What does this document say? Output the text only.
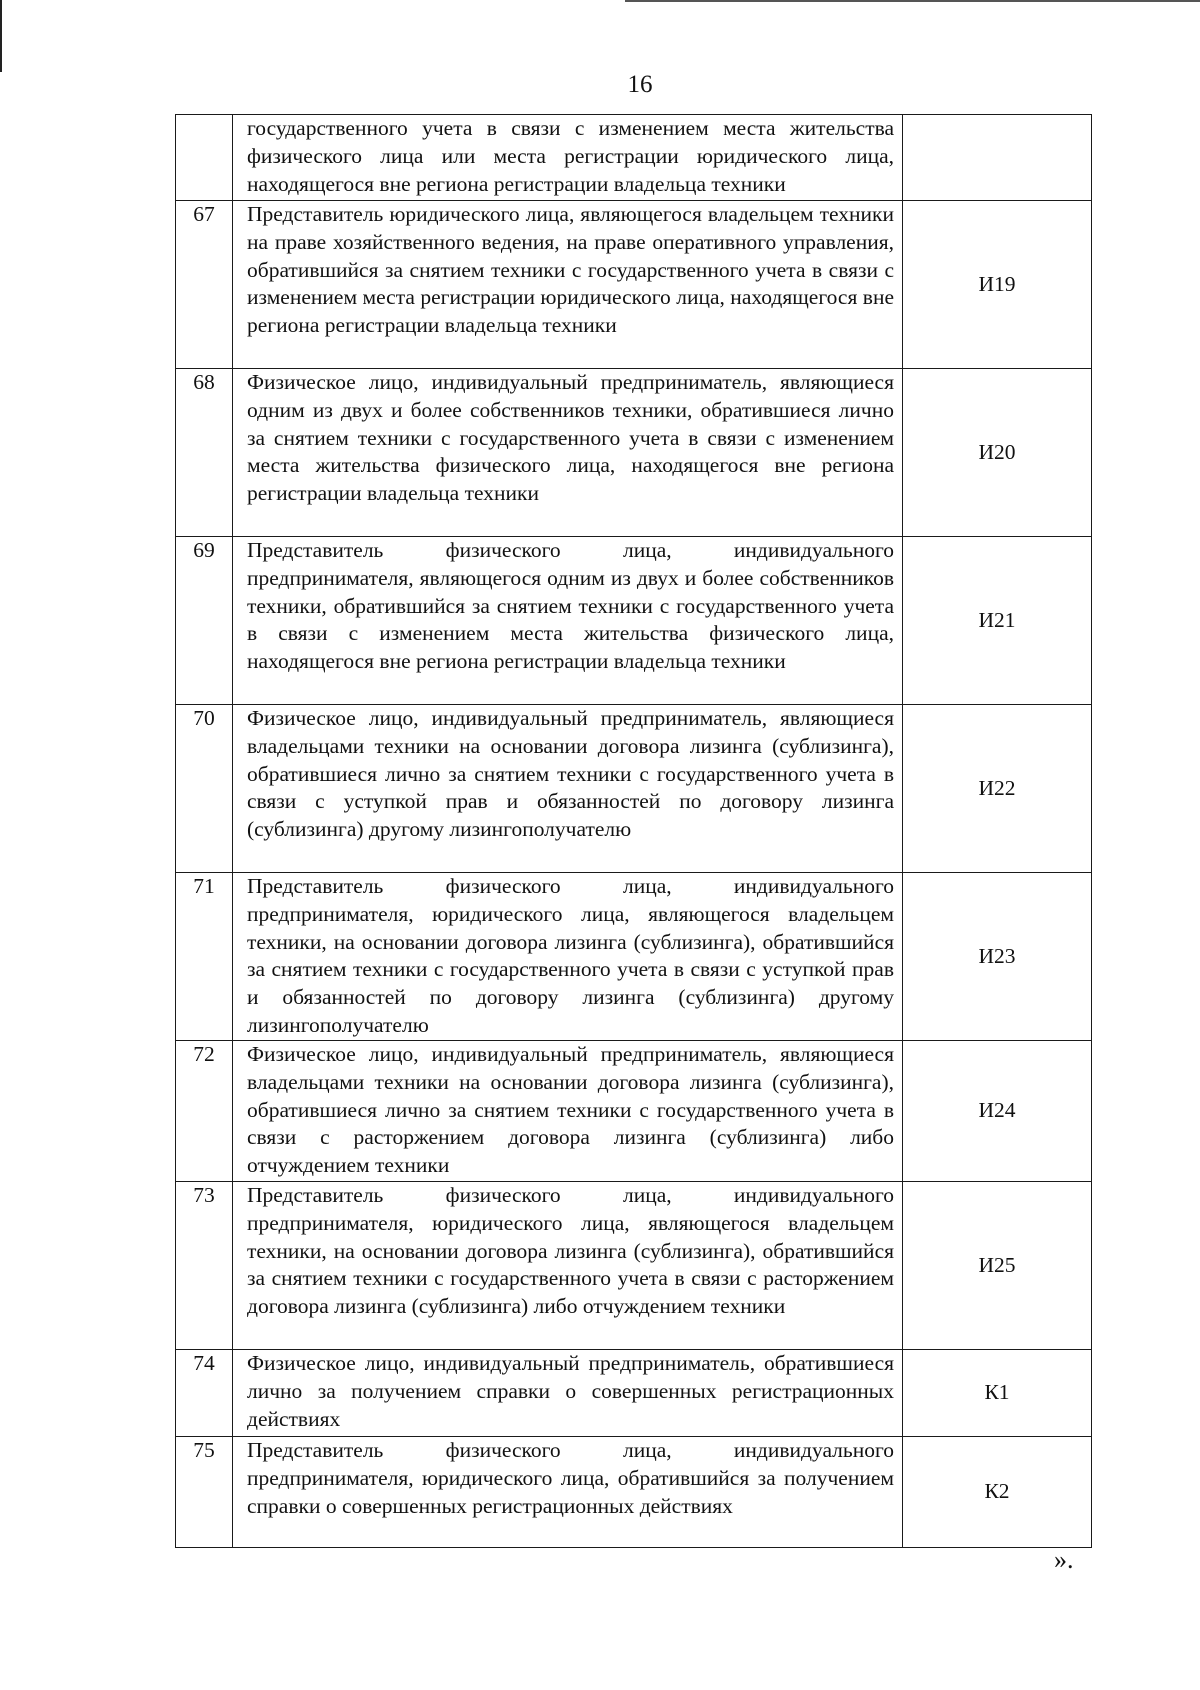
16
	государственного учета в связи с изменением места жительства физического лица или места регистрации юридического лица, находящегося вне региона регистрации владельца техники	
67	Представитель юридического лица, являющегося владельцем техники на праве хозяйственного ведения, на праве оперативного управления, обратившийся за снятием техники с государственного учета в связи с изменением места регистрации юридического лица, находящегося вне региона регистрации владельца техники	И19
68	Физическое лицо, индивидуальный предприниматель, являющиеся одним из двух и более собственников техники, обратившиеся лично за снятием техники с государственного учета в связи с изменением места жительства физического лица, находящегося вне региона регистрации владельца техники	И20
69	Представитель физического лица, индивидуального предпринимателя, являющегося одним из двух и более собственников техники, обратившийся за снятием техники с государственного учета в связи с изменением места жительства физического лица, находящегося вне региона регистрации владельца техники	И21
70	Физическое лицо, индивидуальный предприниматель, являющиеся владельцами техники на основании договора лизинга (сублизинга), обратившиеся лично за снятием техники с государственного учета в связи с уступкой прав и обязанностей по договору лизинга (сублизинга) другому лизингополучателю	И22
71	Представитель физического лица, индивидуального предпринимателя, юридического лица, являющегося владельцем техники, на основании договора лизинга (сублизинга), обратившийся за снятием техники с государственного учета в связи с уступкой прав и обязанностей по договору лизинга (сублизинга) другому лизингополучателю	И23
72	Физическое лицо, индивидуальный предприниматель, являющиеся владельцами техники на основании договора лизинга (сублизинга), обратившиеся лично за снятием техники с государственного учета в связи с расторжением договора лизинга (сублизинга) либо отчуждением техники	И24
73	Представитель физического лица, индивидуального предпринимателя, юридического лица, являющегося владельцем техники, на основании договора лизинга (сублизинга), обратившийся за снятием техники с государственного учета в связи с расторжением договора лизинга (сублизинга) либо отчуждением техники	И25
74	Физическое лицо, индивидуальный предприниматель, обратившиеся лично за получением справки о совершенных регистрационных действиях	К1
75	Представитель физического лица, индивидуального предпринимателя, юридического лица, обратившийся за получением справки о совершенных регистрационных действиях	К2
».
